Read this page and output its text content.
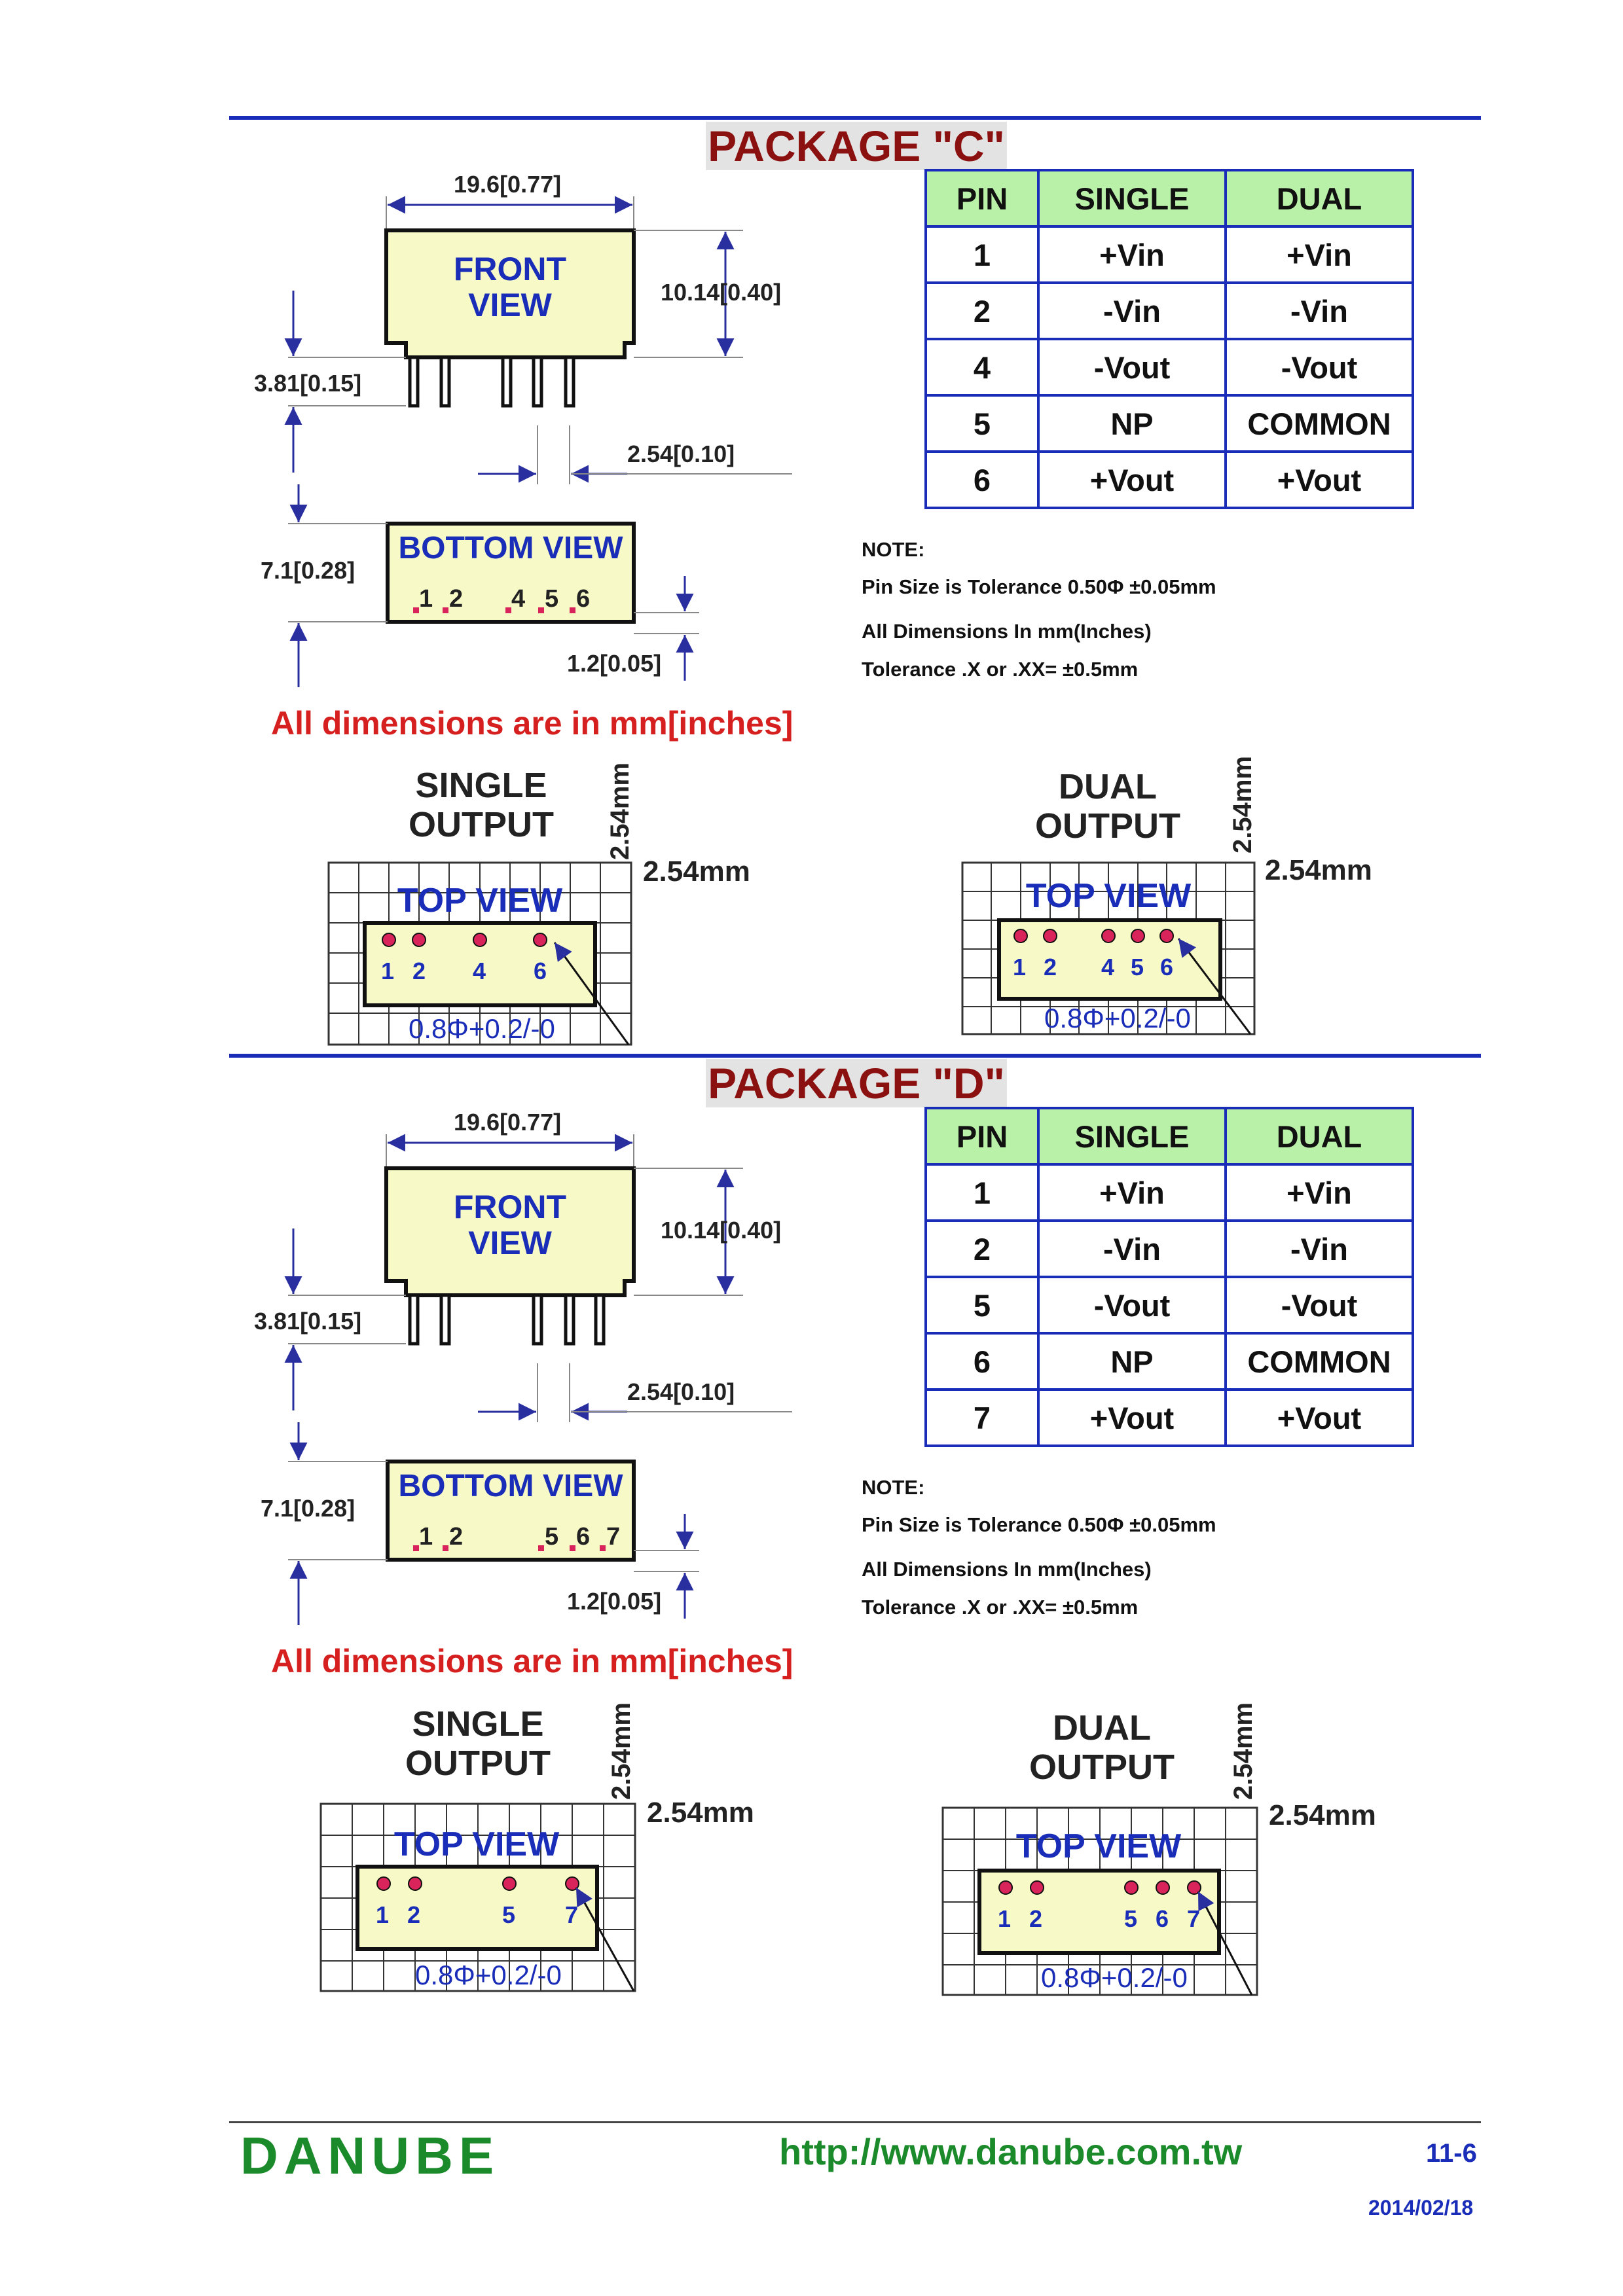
PACKAGE "C"
19.6[0.77]
FRONT
VIEW	10.14[0.40]
3.81[0.15]
2.54[0.10]
BOTTOM VIEW
1 2 4 5 6
7.1[0.28]
1.2[0.05]
SINGLE
OUTPUT 2.54mm
2.54mm
TOP VIEW
1 2 4 6
0.8Φ+0.2/-0
DUAL
OUTPUT 2.54mm
2.54mm
TOP VIEW
1 2 4 5 6
0.8Φ+0.2/-0
PIN	SINGLE	DUAL
1	+Vin	+Vin
2	-Vin	-Vin
4	-Vout	-Vout
5	NP	COMMON
6	+Vout	+Vout
NOTE:
Pin Size is Tolerance 0.50Φ ±0.05mm
All Dimensions In mm(Inches)
Tolerance .X or .XX= ±0.5mm
All dimensions are in mm[inches]
PACKAGE "D"
19.6[0.77]
FRONT
VIEW	10.14[0.40]
3.81[0.15]
2.54[0.10]
BOTTOM VIEW
1 2	5 6 7
7.1[0.28]
1.2[0.05]
SINGLE
OUTPUT 2.54mm
2.54mm
TOP VIEW
1 2	5 7
0.8Φ+0.2/-0
DUAL
OUTPUT 2.54mm
2.54mm
TOP VIEW
1 2	5 6 7
0.8Φ+0.2/-0
PIN	SINGLE	DUAL
1	+Vin	+Vin
2	-Vin	-Vin
5	-Vout	-Vout
6	NP	COMMON
7	+Vout	+Vout
NOTE:
Pin Size is Tolerance 0.50Φ ±0.05mm
All Dimensions In mm(Inches)
Tolerance .X or .XX= ±0.5mm
All dimensions are in mm[inches]
DANUBE	http://www.danube.com.tw	11-6
2014/02/18
